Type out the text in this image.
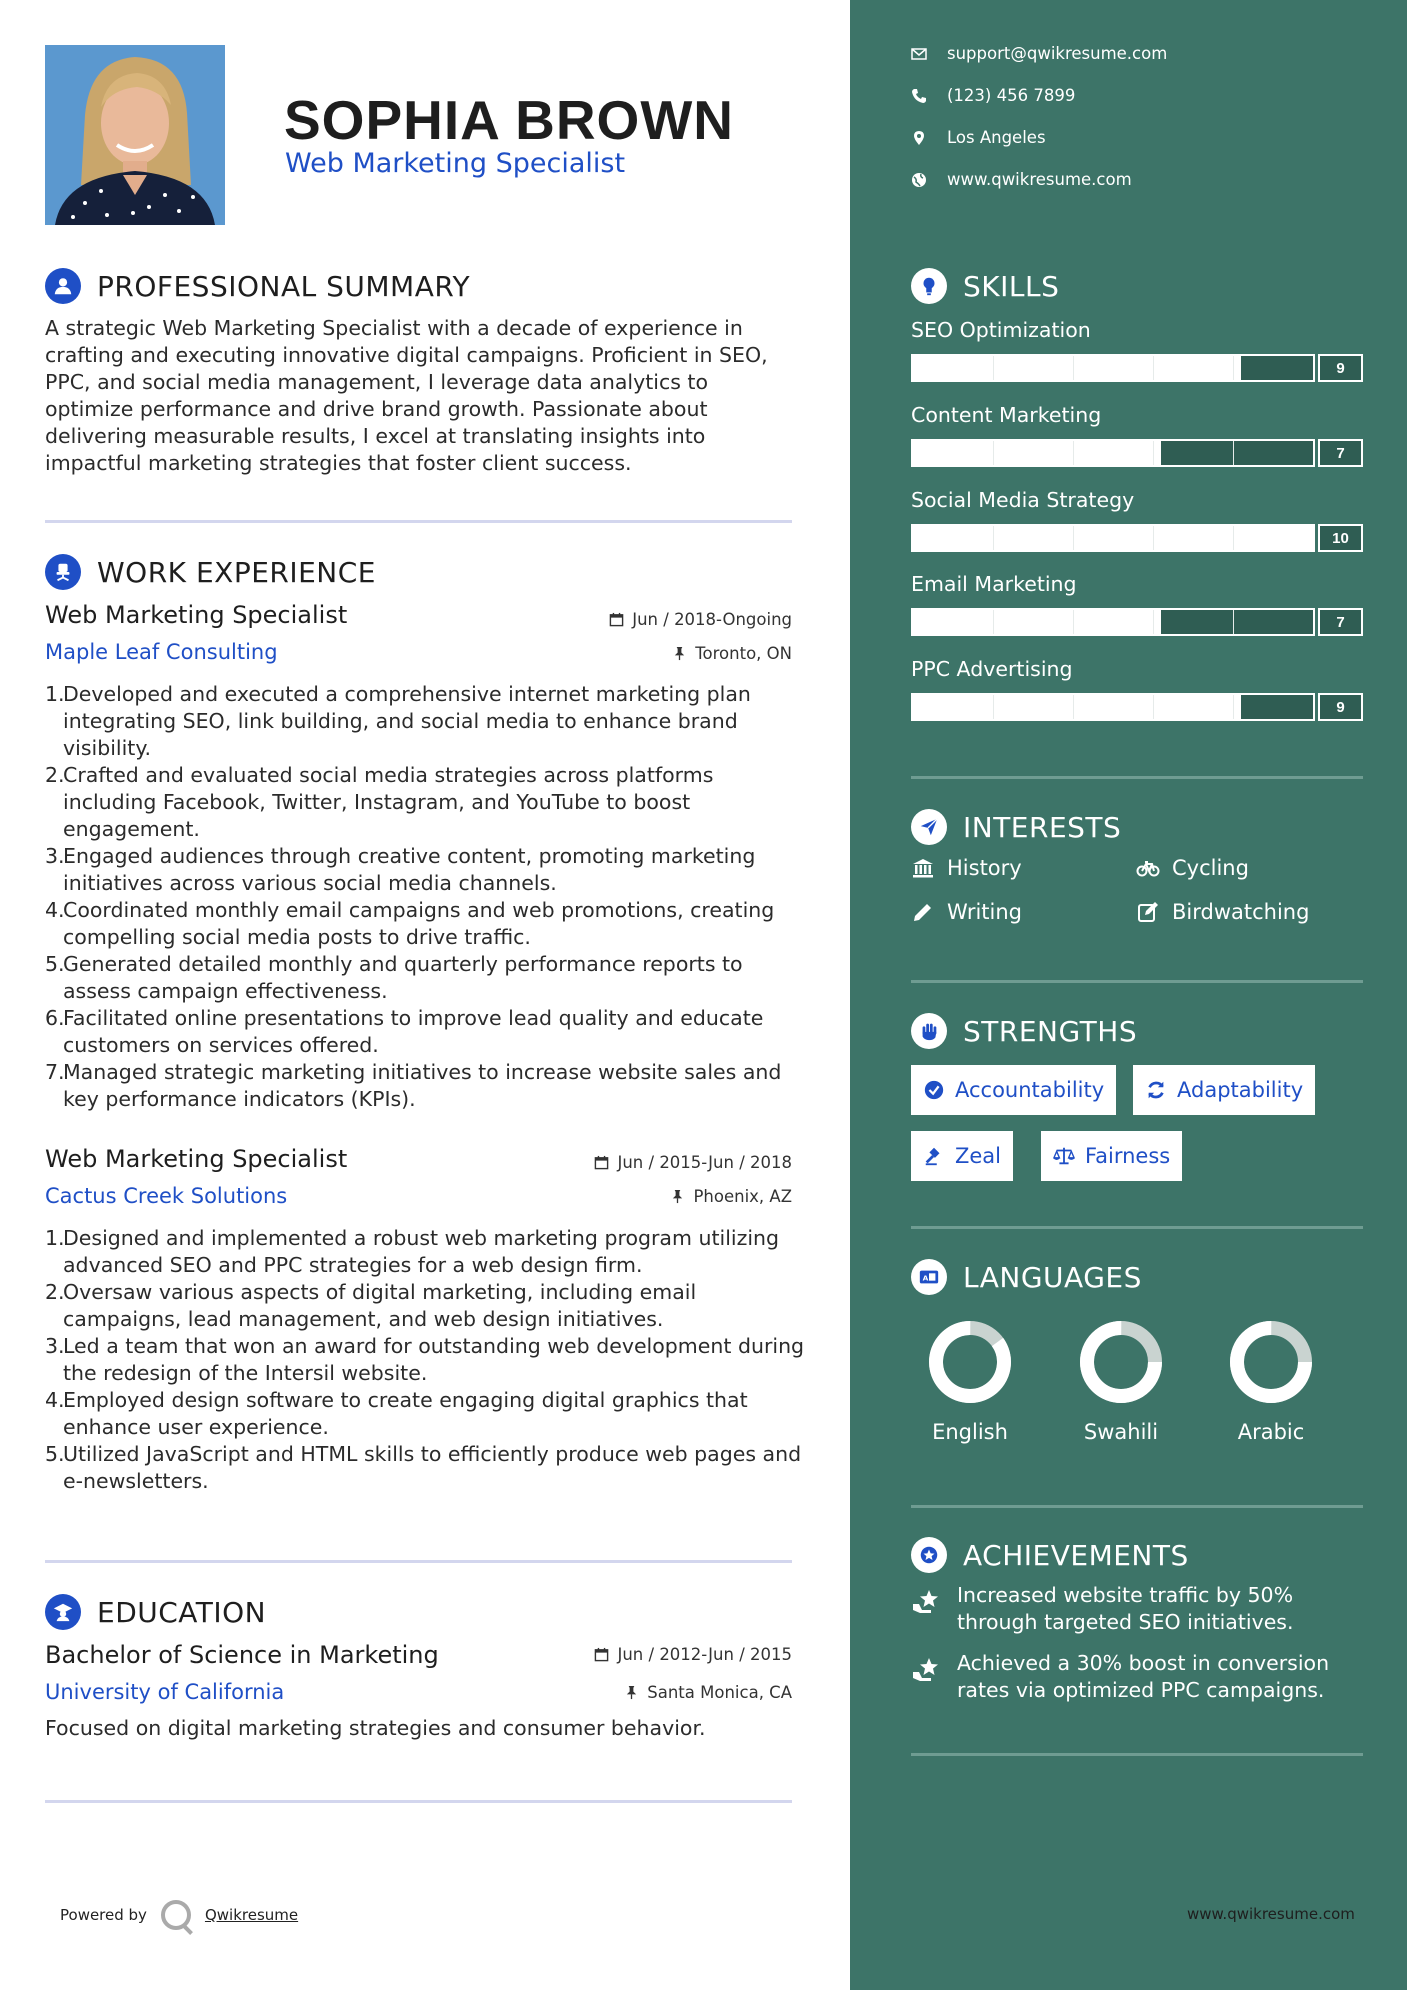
SOPHIA BROWN
Web Marketing Specialist
PROFESSIONAL SUMMARY

A strategic Web Marketing Specialist with a decade of experience in crafting and executing innovative digital campaigns. Proficient in SEO, PPC, and social media management, I leverage data analytics to optimize performance and drive brand growth. Passionate about delivering measurable results, I excel at translating insights into impactful marketing strategies that foster client success.

WORK EXPERIENCE
Web Marketing Specialist	Jun / 2018-Ongoing
Maple Leaf Consulting	Toronto, ON
1.
Developed and executed a comprehensive internet marketing plan integrating SEO, link building, and social media to enhance brand visibility.
2.
Crafted and evaluated social media strategies across platforms including Facebook, Twitter, Instagram, and YouTube to boost engagement.
3.
Engaged audiences through creative content, promoting marketing initiatives across various social media channels.
4.
Coordinated monthly email campaigns and web promotions, creating compelling social media posts to drive traffic.
5.
Generated detailed monthly and quarterly performance reports to assess campaign effectiveness.
6.
Facilitated online presentations to improve lead quality and educate customers on services offered.
7.
Managed strategic marketing initiatives to increase website sales and key performance indicators (KPIs).
Web Marketing Specialist	Jun / 2015-Jun / 2018
Cactus Creek Solutions	Phoenix, AZ
1.
Designed and implemented a robust web marketing program utilizing advanced SEO and PPC strategies for a web design firm.
2.
Oversaw various aspects of digital marketing, including email campaigns, lead management, and web design initiatives.
3.
Led a team that won an award for outstanding web development during the redesign of the Intersil website.
4.
Employed design software to create engaging digital graphics that enhance user experience.
5.
Utilized JavaScript and HTML skills to efficiently produce web pages and e-newsletters.
EDUCATION
Bachelor of Science in Marketing	Jun / 2012-Jun / 2015
University of California	Santa Monica, CA

Focused on digital marketing strategies and consumer behavior.

Powered by	Qwikresume
support@qwikresume.com
(123) 456 7899
Los Angeles
www.qwikresume.com
SKILLS
SEO Optimization
9
Content Marketing
7
Social Media Strategy
10
Email Marketing
7
PPC Advertising
9
INTERESTS
History	Cycling
Writing	Birdwatching
STRENGTHS
Accountability	Adaptability
Zeal	Fairness
A LANGUAGES
English	Swahili	Arabic
ACHIEVEMENTS
Increased website traffic by 50% through targeted SEO initiatives.
Achieved a 30% boost in conversion rates via optimized PPC campaigns.
www.qwikresume.com
